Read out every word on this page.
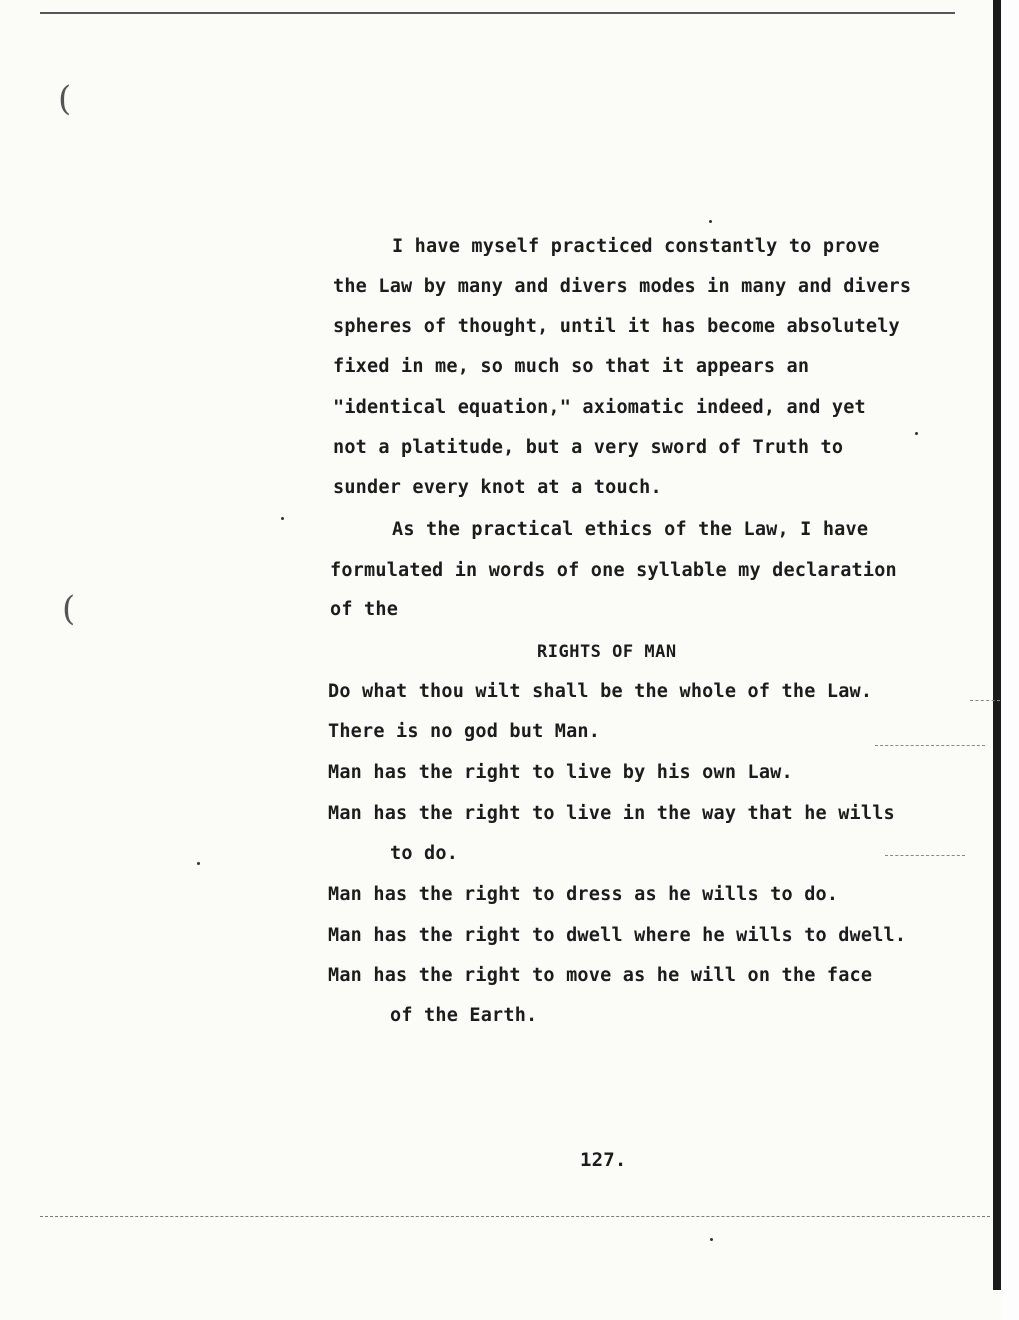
(
(
I have myself practiced constantly to prove
the Law by many and divers modes in many and divers
spheres of thought, until it has become absolutely
fixed in me, so much so that it appears an
"identical equation," axiomatic indeed, and yet
not a platitude, but a very sword of Truth to
sunder every knot at a touch.
As the practical ethics of the Law, I have
formulated in words of one syllable my declaration
of the
RIGHTS OF MAN
Do what thou wilt shall be the whole of the Law.
There is no god but Man.
Man has the right to live by his own Law.
Man has the right to live in the way that he wills
to do.
Man has the right to dress as he wills to do.
Man has the right to dwell where he wills to dwell.
Man has the right to move as he will on the face
of the Earth.
127.
